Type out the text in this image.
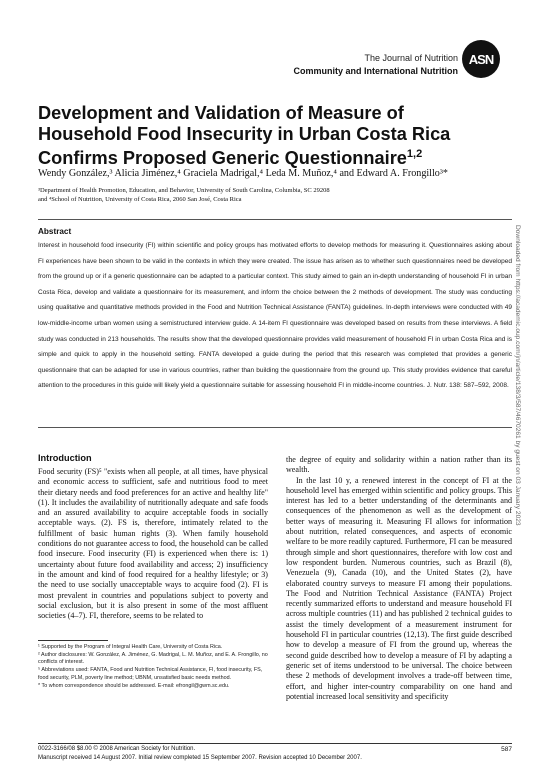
The Journal of Nutrition
Community and International Nutrition
ASN
Development and Validation of Measure of Household Food Insecurity in Urban Costa Rica Confirms Proposed Generic Questionnaire$^{1,2}$
Wendy González,³ Alicia Jiménez,⁴ Graciela Madrigal,⁴ Leda M. Muñoz,⁴ and Edward A. Frongillo³*
³Department of Health Promotion, Education, and Behavior, University of South Carolina, Columbia, SC 29208
and ⁴School of Nutrition, University of Costa Rica, 2060 San José, Costa Rica
Abstract
Interest in household food insecurity (FI) within scientific and policy groups has motivated efforts to develop methods for measuring it. Questionnaires asking about FI experiences have been shown to be valid in the contexts in which they were created. The issue has arisen as to whether such questionnaires need be developed from the ground up or if a generic questionnaire can be adapted to a particular context. This study aimed to gain an in-depth understanding of household FI in urban Costa Rica, develop and validate a questionnaire for its measurement, and inform the choice between the 2 methods of development. The study was conducting using qualitative and quantitative methods provided in the Food and Nutrition Technical Assistance (FANTA) guidelines. In-depth interviews were conducted with 49 low-middle-income urban women using a semistructured interview guide. A 14-item FI questionnaire was developed based on results from these interviews. A field study was conducted in 213 households. The results show that the developed questionnaire provides valid measurement of household FI in urban Costa Rica and is simple and quick to apply in the household setting. FANTA developed a guide during the period that this research was completed that provides a generic questionnaire that can be adapted for use in various countries, rather than building the questionnaire from the ground up. This study provides evidence that careful attention to the procedures in this guide will likely yield a questionnaire suitable for assessing household FI in middle-income countries. J. Nutr. 138: 587–592, 2008. Downloaded from https://academic.oup.com/jn/article/138/3/587/4670261 by guest on 03 January 2023
Introduction
Food security (FS)⁵ "exists when all people, at all times, have physical and economic access to sufficient, safe and nutritious food to meet their dietary needs and food preferences for an active and healthy life" (1). It includes the availability of nutritionally adequate and safe foods and an assured availability to acquire acceptable foods in socially acceptable ways. (2). FS is, therefore, intimately related to the fulfillment of basic human rights (3). When family household conditions do not guarantee access to food, the household can be called food insecure. Food insecurity (FI) is experienced when there is: 1) uncertainty about future food availability and access; 2) insufficiency in the amount and kind of food required for a healthy lifestyle; or 3) the need to use socially unacceptable ways to acquire food (2). FI is most prevalent in countries and populations subject to poverty and social exclusion, but it is also present in some of the most affluent societies (4–7). FI, therefore, seems to be related to
the degree of equity and solidarity within a nation rather than its wealth.
In the last 10 y, a renewed interest in the concept of FI at the household level has emerged within scientific and policy groups. This interest has led to a better understanding of the determinants and consequences of the phenomenon as well as the development of better ways of measuring it. Measuring FI allows for information about nutrition, related consequences, and aspects of economic welfare to be more readily captured. Furthermore, FI can be measured through simple and short questionnaires, therefore with low cost and low respondent burden. Numerous countries, such as Brazil (8), Venezuela (9), Canada (10), and the United States (2), have elaborated country surveys to measure FI among their populations. The Food and Nutrition Technical Assistance (FANTA) Project recently summarized efforts to understand and measure household FI across multiple countries (11) and has published 2 technical guides to assist the timely development of a measurement instrument for household FI in particular countries (12,13). The first guide described how to develop a measure of FI from the ground up, whereas the second guide described how to develop a measure of FI by adapting a generic set of items understood to be universal. The choice between these 2 methods of development involves a trade-off between time, effort, and higher inter-country comparability on one hand and potential increased local sensitivity and specificity

¹ Supported by the Program of Integral Health Care, University of Costa Rica.

² Author disclosures: W. González, A. Jiménez, G. Madrigal, L. M. Muñoz, and E. A. Frongillo, no conflicts of interest.

⁵ Abbreviations used: FANTA, Food and Nutrition Technical Assistance, FI, food insecurity, FS, food security, PLM, poverty line method; UBNM, unsatisfied basic needs method.

* To whom correspondence should be addressed. E-mail: efrongil@gwm.sc.edu.

0022-3166/08 $8.00 © 2008 American Society for Nutrition.	587
Manuscript received 14 August 2007. Initial review completed 15 September 2007. Revision accepted 10 December 2007.
